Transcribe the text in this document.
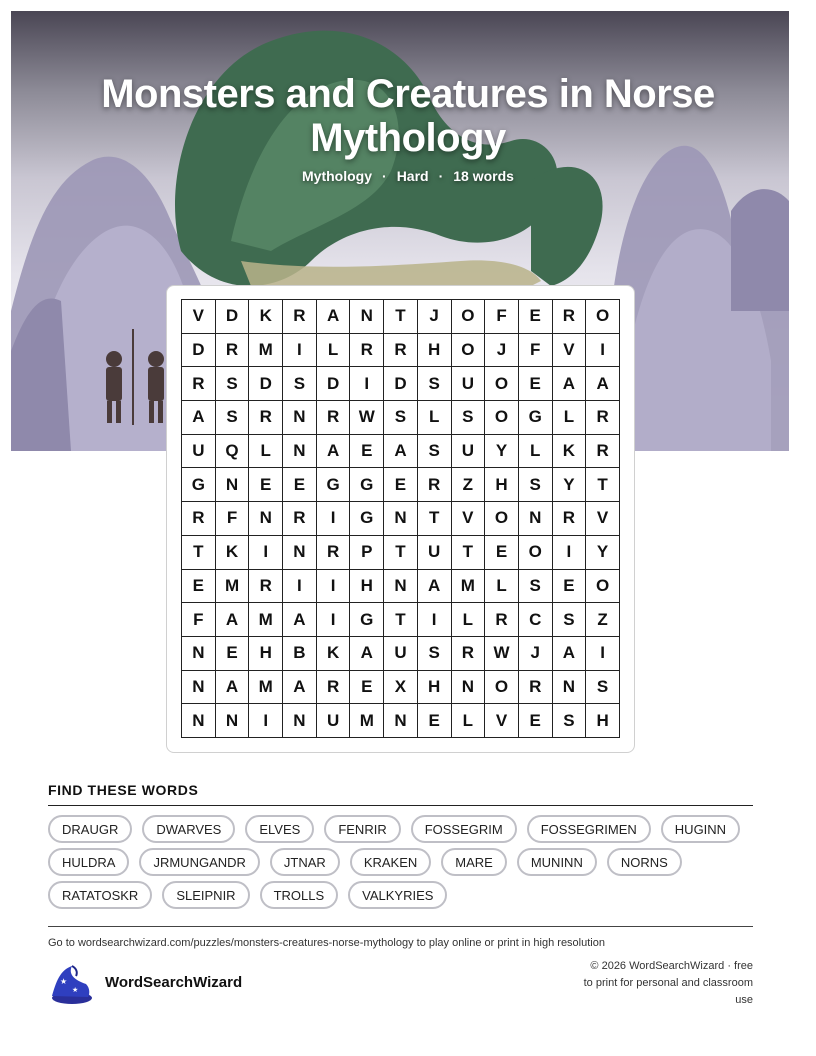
Monsters and Creatures in Norse Mythology
Mythology · Hard · 18 words
V	D	K	R	A	N	T	J	O	F	E	R	O
D	R	M	I	L	R	R	H	O	J	F	V	I
R	S	D	S	D	I	D	S	U	O	E	A	A
A	S	R	N	R	W	S	L	S	O	G	L	R
U	Q	L	N	A	E	A	S	U	Y	L	K	R
G	N	E	E	G	G	E	R	Z	H	S	Y	T
R	F	N	R	I	G	N	T	V	O	N	R	V
T	K	I	N	R	P	T	U	T	E	O	I	Y
E	M	R	I	I	H	N	A	M	L	S	E	O
F	A	M	A	I	G	T	I	L	R	C	S	Z
N	E	H	B	K	A	U	S	R	W	J	A	I
N	A	M	A	R	E	X	H	N	O	R	N	S
N	N	I	N	U	M	N	E	L	V	E	S	H
FIND THESE WORDS
DRAUGR	DWARVES	ELVES	FENRIR	FOSSEGRIM	FOSSEGRIMEN	HUGINN
HULDRA	JRMUNGANDR	JTNAR	KRAKEN	MARE	MUNINN	NORNS
RATATOSKR	SLEIPNIR	TROLLS	VALKYRIES
Go to wordsearchwizard.com/puzzles/monsters-creatures-norse-mythology to play online or print in high resolution
★
★
★ WordSearchWizard
© 2026 WordSearchWizard · free to print for personal and classroom use
